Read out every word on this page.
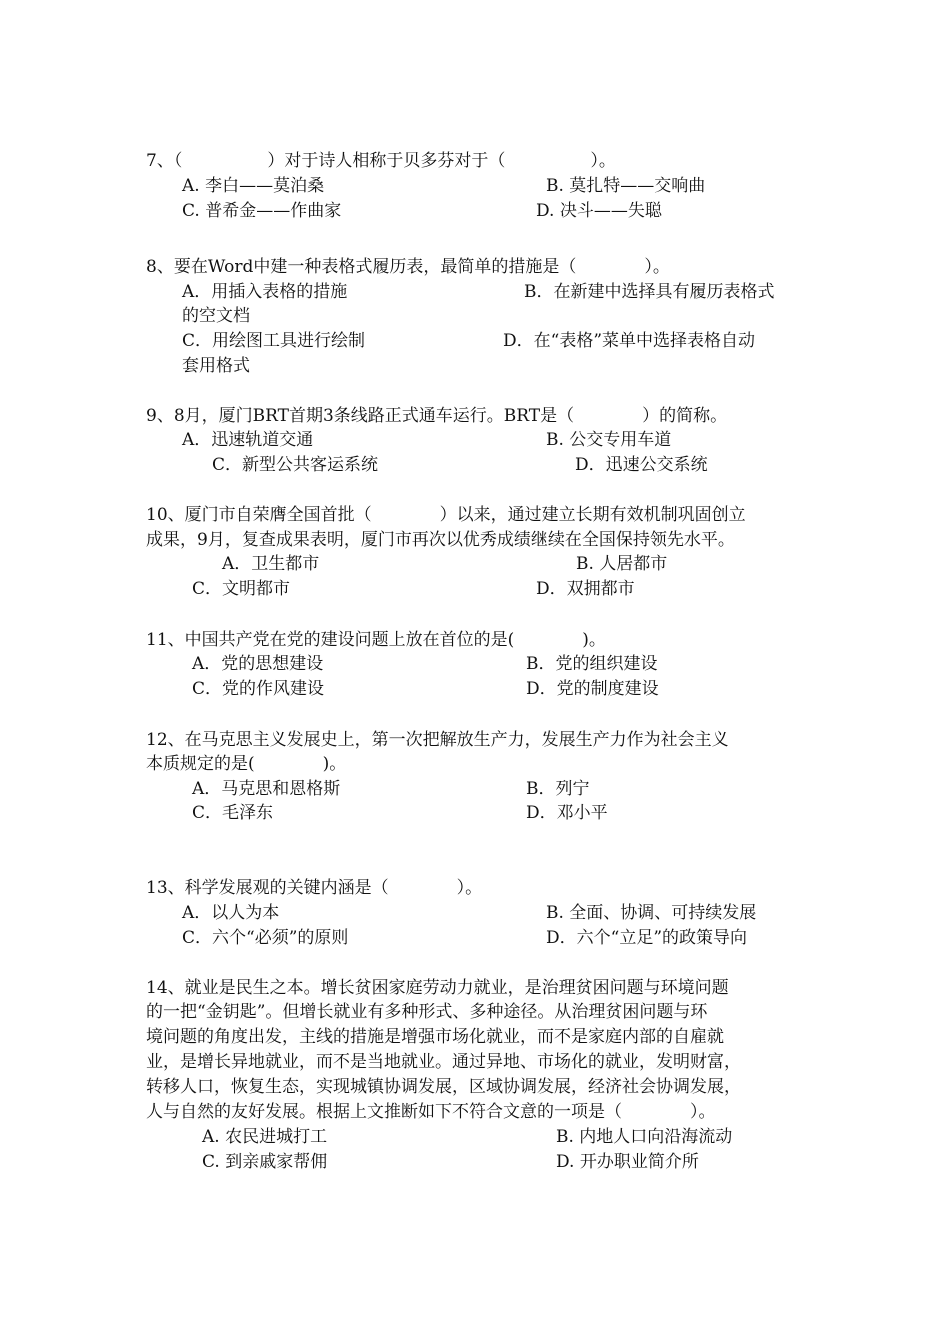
7、（　　　　　）对于诗人相称于贝多芬对于（　　　　　）。
A. 李白——莫泊桑	B. 莫扎特——交响曲
C. 普希金——作曲家	D. 决斗——失聪
8、要在Word中建一种表格式履历表，最简单的措施是（　　　　）。
A．用插入表格的措施	B．在新建中选择具有履历表格式
的空文档
C．用绘图工具进行绘制	D．在“表格”菜单中选择表格自动
套用格式
9、8月，厦门BRT首期3条线路正式通车运行。BRT是（　　　　）的简称。
A．迅速轨道交通	B. 公交专用车道
C．新型公共客运系统	D．迅速公交系统
10、厦门市自荣膺全国首批（　　　　）以来，通过建立长期有效机制巩固创立
成果，9月，复查成果表明，厦门市再次以优秀成绩继续在全国保持领先水平。
A．卫生都市	B. 人居都市
C．文明都市	D．双拥都市
11、中国共产党在党的建设问题上放在首位的是(　　　　)。
A．党的思想建设	B．党的组织建设
C．党的作风建设	D．党的制度建设
12、在马克思主义发展史上，第一次把解放生产力，发展生产力作为社会主义
本质规定的是(　　　　)。
A．马克思和恩格斯	B．列宁
C．毛泽东	D．邓小平
13、科学发展观的关键内涵是（　　　　）。
A．以人为本	B. 全面、协调、可持续发展
C．六个“必须”的原则	D．六个“立足”的政策导向
14、就业是民生之本。增长贫困家庭劳动力就业，是治理贫困问题与环境问题
的一把“金钥匙”。但增长就业有多种形式、多种途径。从治理贫困问题与环
境问题的角度出发，主线的措施是增强市场化就业，而不是家庭内部的自雇就
业，是增长异地就业，而不是当地就业。通过异地、市场化的就业，发明财富，
转移人口，恢复生态，实现城镇协调发展，区域协调发展，经济社会协调发展，
人与自然的友好发展。根据上文推断如下不符合文意的一项是（　　　　）。
A. 农民进城打工	B. 内地人口向沿海流动
C. 到亲戚家帮佣	D. 开办职业简介所
